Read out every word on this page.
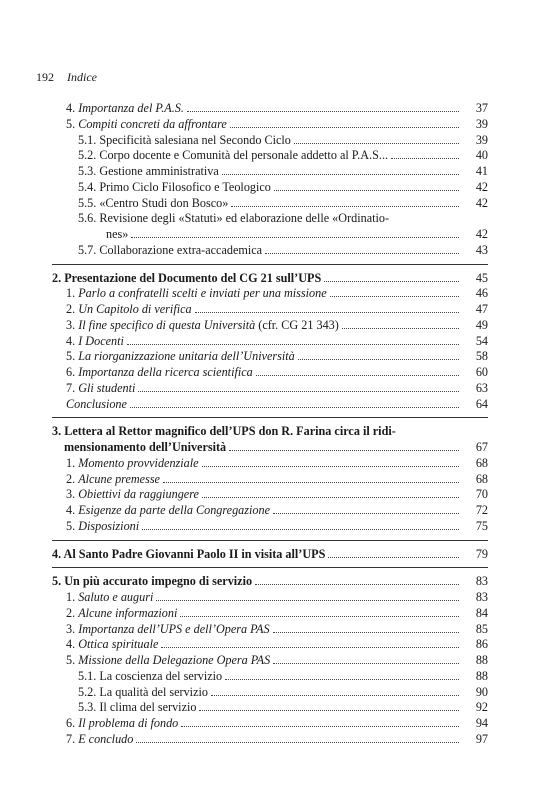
192 Indice
4. Importanza del P.A.S.	37
5. Compiti concreti da affrontare	39
5.1. Specificità salesiana nel Secondo Ciclo	39
5.2. Corpo docente e Comunità del personale addetto al P.A.S...	40
5.3. Gestione amministrativa	41
5.4. Primo Ciclo Filosofico e Teologico	42
5.5. «Centro Studi don Bosco»	42
5.6. Revisione degli «Statuti» ed elaborazione delle «Ordinatio-
nes»	42
5.7. Collaborazione extra-accademica	43
2. Presentazione del Documento del CG 21 sull’UPS	45
1. Parlo a confratelli scelti e inviati per una missione	46
2. Un Capitolo di verifica	47
3. Il fine specifico di questa Università (cfr. CG 21 343)	49
4. I Docenti	54
5. La riorganizzazione unitaria dell’Università	58
6. Importanza della ricerca scientifica	60
7. Gli studenti	63
Conclusione	64
3. Lettera al Rettor magnifico dell’UPS don R. Farina circa il ridi-
mensionamento dell’Università	67
1. Momento provvidenziale	68
2. Alcune premesse	68
3. Obiettivi da raggiungere	70
4. Esigenze da parte della Congregazione	72
5. Disposizioni	75
4. Al Santo Padre Giovanni Paolo II in visita all’UPS	79
5. Un più accurato impegno di servizio	83
1. Saluto e auguri	83
2. Alcune informazioni	84
3. Importanza dell’UPS e dell’Opera PAS	85
4. Ottica spirituale	86
5. Missione della Delegazione Opera PAS	88
5.1. La coscienza del servizio	88
5.2. La qualità del servizio	90
5.3. Il clima del servizio	92
6. Il problema di fondo	94
7. E concludo	97
